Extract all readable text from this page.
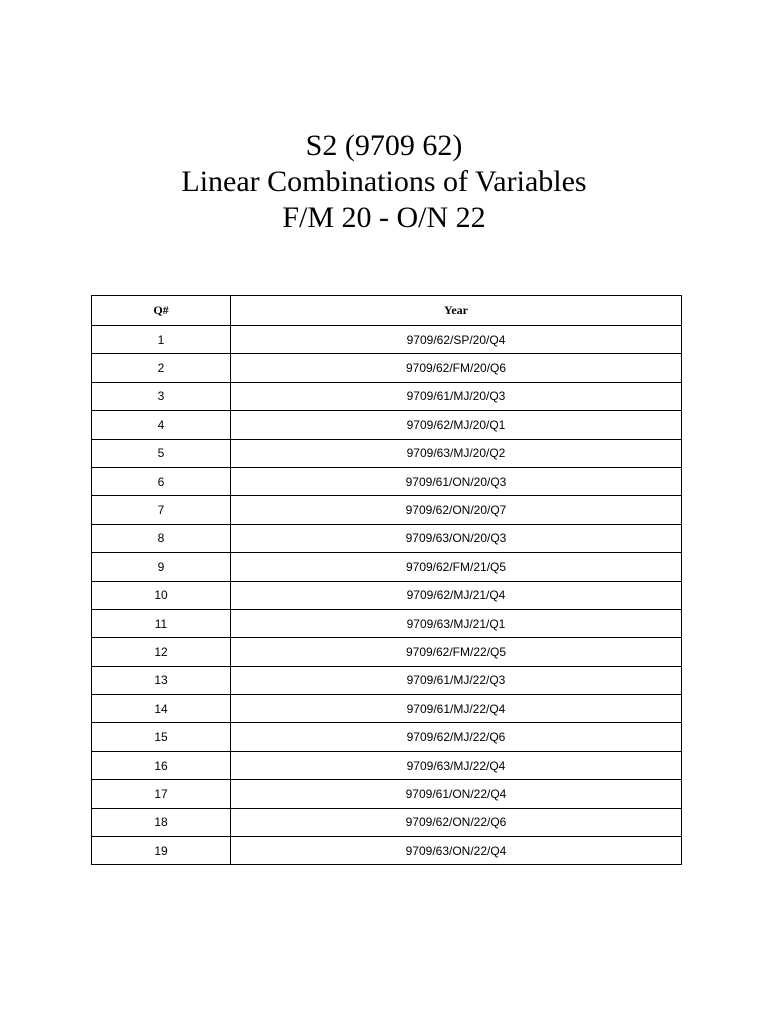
S2 (9709 62)
Linear Combinations of Variables
F/M 20 - O/N 22
Q#	Year
1	9709/62/SP/20/Q4
2	9709/62/FM/20/Q6
3	9709/61/MJ/20/Q3
4	9709/62/MJ/20/Q1
5	9709/63/MJ/20/Q2
6	9709/61/ON/20/Q3
7	9709/62/ON/20/Q7
8	9709/63/ON/20/Q3
9	9709/62/FM/21/Q5
10	9709/62/MJ/21/Q4
11	9709/63/MJ/21/Q1
12	9709/62/FM/22/Q5
13	9709/61/MJ/22/Q3
14	9709/61/MJ/22/Q4
15	9709/62/MJ/22/Q6
16	9709/63/MJ/22/Q4
17	9709/61/ON/22/Q4
18	9709/62/ON/22/Q6
19	9709/63/ON/22/Q4
